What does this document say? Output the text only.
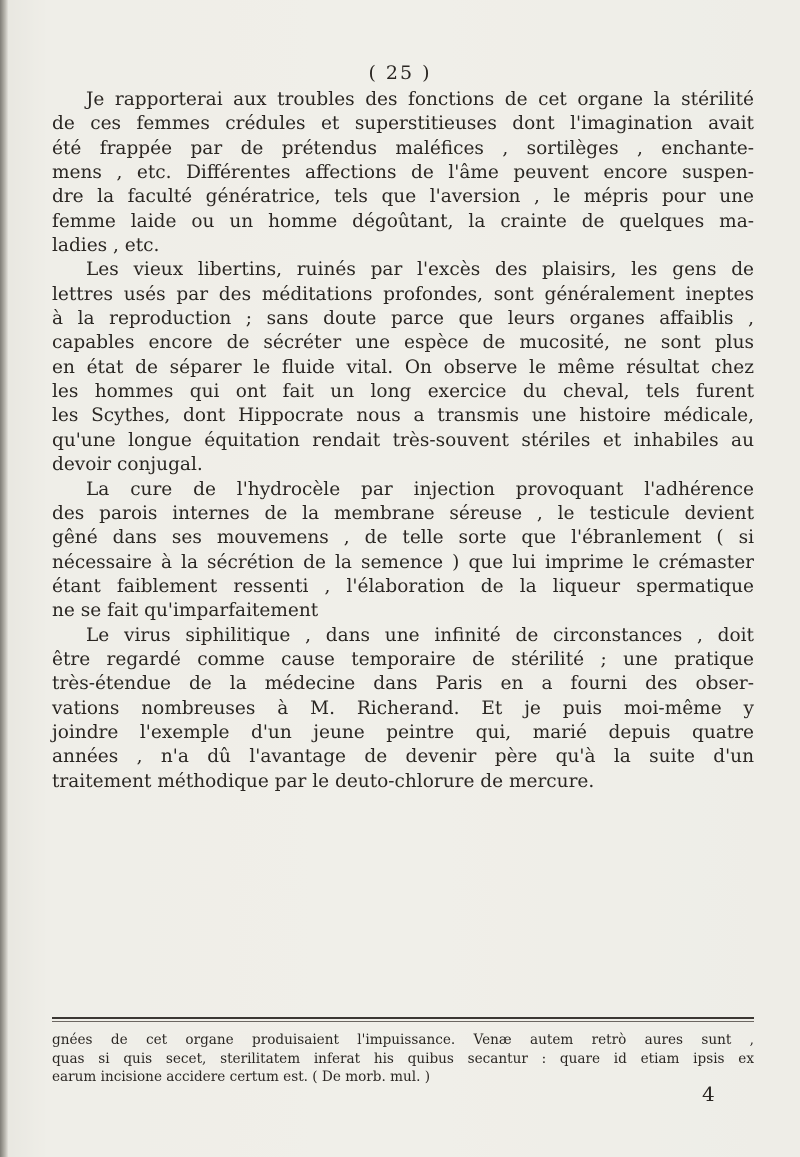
( 25 )
Je rapporterai aux troubles des fonctions de cet organe la stérilité
de ces femmes crédules et superstitieuses dont l'imagination avait
été frappée par de prétendus maléfices , sortilèges , enchante-
mens , etc. Différentes affections de l'âme peuvent encore suspen-
dre la faculté génératrice, tels que l'aversion , le mépris pour une
femme laide ou un homme dégoûtant, la crainte de quelques ma-
ladies , etc.
Les vieux libertins, ruinés par l'excès des plaisirs, les gens de
lettres usés par des méditations profondes, sont généralement ineptes
à la reproduction ; sans doute parce que leurs organes affaiblis ,
capables encore de sécréter une espèce de mucosité, ne sont plus
en état de séparer le fluide vital. On observe le même résultat chez
les hommes qui ont fait un long exercice du cheval, tels furent
les Scythes, dont Hippocrate nous a transmis une histoire médicale,
qu'une longue équitation rendait très-souvent stériles et inhabiles au
devoir conjugal.
La cure de l'hydrocèle par injection provoquant l'adhérence
des parois internes de la membrane séreuse , le testicule devient
gêné dans ses mouvemens , de telle sorte que l'ébranlement ( si
nécessaire à la sécrétion de la semence ) que lui imprime le crémaster
étant faiblement ressenti , l'élaboration de la liqueur spermatique
ne se fait qu'imparfaitement
Le virus siphilitique , dans une infinité de circonstances , doit
être regardé comme cause temporaire de stérilité ; une pratique
très-étendue de la médecine dans Paris en a fourni des obser-
vations nombreuses à M. Richerand. Et je puis moi-même y
joindre l'exemple d'un jeune peintre qui, marié depuis quatre
années , n'a dû l'avantage de devenir père qu'à la suite d'un
traitement méthodique par le deuto-chlorure de mercure.
gnées de cet organe produisaient l'impuissance. Venæ autem retrò aures sunt ,
quas si quis secet, sterilitatem inferat his quibus secantur : quare id etiam ipsis ex
earum incisione accidere certum est. ( De morb. mul. )
4
